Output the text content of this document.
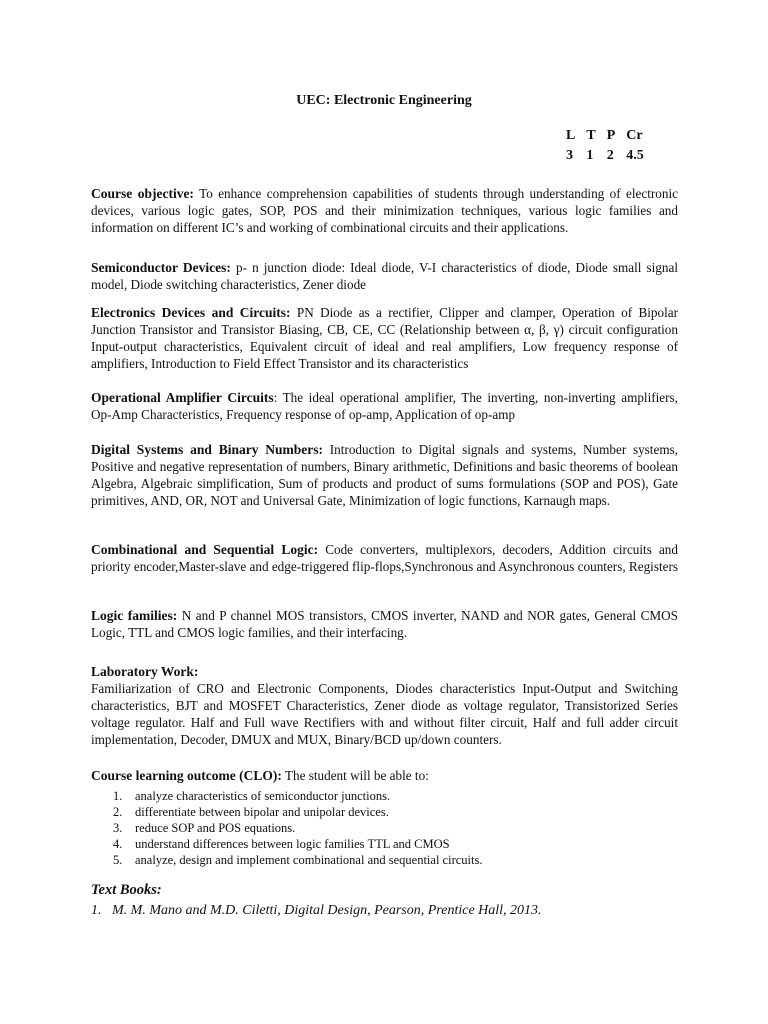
UEC: Electronic Engineering
L	T	P	Cr
3	1	2	4.5
Course objective: To enhance comprehension capabilities of students through understanding of electronic devices, various logic gates, SOP, POS and their minimization techniques, various logic families and information on different IC’s and working of combinational circuits and their applications.
Semiconductor Devices: p- n junction diode: Ideal diode, V-I characteristics of diode, Diode small signal model, Diode switching characteristics, Zener diode
Electronics Devices and Circuits: PN Diode as a rectifier, Clipper and clamper, Operation of Bipolar Junction Transistor and Transistor Biasing, CB, CE, CC (Relationship between α, β, γ) circuit configuration Input-output characteristics, Equivalent circuit of ideal and real amplifiers, Low frequency response of amplifiers, Introduction to Field Effect Transistor and its characteristics
Operational Amplifier Circuits: The ideal operational amplifier, The inverting, non-inverting amplifiers, Op-Amp Characteristics, Frequency response of op-amp, Application of op-amp
Digital Systems and Binary Numbers: Introduction to Digital signals and systems, Number systems, Positive and negative representation of numbers, Binary arithmetic, Definitions and basic theorems of boolean Algebra, Algebraic simplification, Sum of products and product of sums formulations (SOP and POS), Gate primitives, AND, OR, NOT and Universal Gate, Minimization of logic functions, Karnaugh maps.
Combinational and Sequential Logic: Code converters, multiplexors, decoders, Addition circuits and priority encoder,Master-slave and edge-triggered flip-flops,Synchronous and Asynchronous counters, Registers
Logic families: N and P channel MOS transistors, CMOS inverter, NAND and NOR gates, General CMOS Logic, TTL and CMOS logic families, and their interfacing.
Laboratory Work:
Familiarization of CRO and Electronic Components, Diodes characteristics Input-Output and Switching characteristics, BJT and MOSFET Characteristics, Zener diode as voltage regulator, Transistorized Series voltage regulator. Half and Full wave Rectifiers with and without filter circuit, Half and full adder circuit implementation, Decoder, DMUX and MUX, Binary/BCD up/down counters.
Course learning outcome (CLO): The student will be able to:
1. analyze characteristics of semiconductor junctions.
2. differentiate between bipolar and unipolar devices.
3. reduce SOP and POS equations.
4. understand differences between logic families TTL and CMOS
5. analyze, design and implement combinational and sequential circuits.
Text Books:
1. M. M. Mano and M.D. Ciletti, Digital Design, Pearson, Prentice Hall, 2013.
